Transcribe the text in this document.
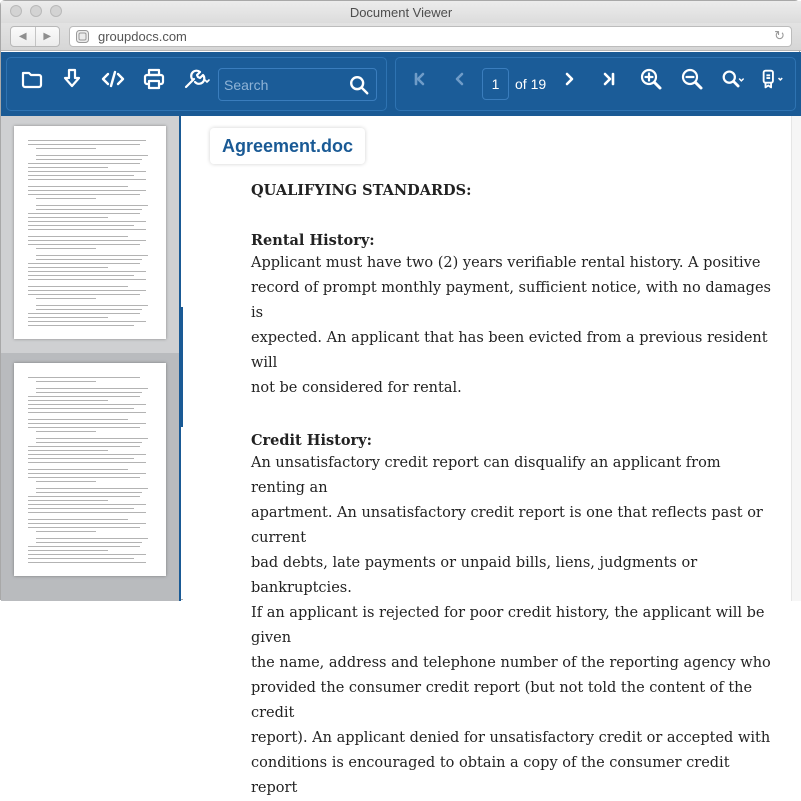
Document Viewer
◀	▶	groupdocs.com	↻
Search
1	of 19
Agreement.doc
QUALIFYING STANDARDS:
Rental History:
Applicant must have two (2) years verifiable rental history. A positive
record of prompt monthly payment, sufficient notice, with no damages is
expected. An applicant that has been evicted from a previous resident will
not be considered for rental.
Credit History:
An unsatisfactory credit report can disqualify an applicant from renting an
apartment. An unsatisfactory credit report is one that reflects past or current
bad debts, late payments or unpaid bills, liens, judgments or bankruptcies.
If an applicant is rejected for poor credit history, the applicant will be given
the name, address and telephone number of the reporting agency who
provided the consumer credit report (but not told the content of the credit
report). An applicant denied for unsatisfactory credit or accepted with
conditions is encouraged to obtain a copy of the consumer credit report
